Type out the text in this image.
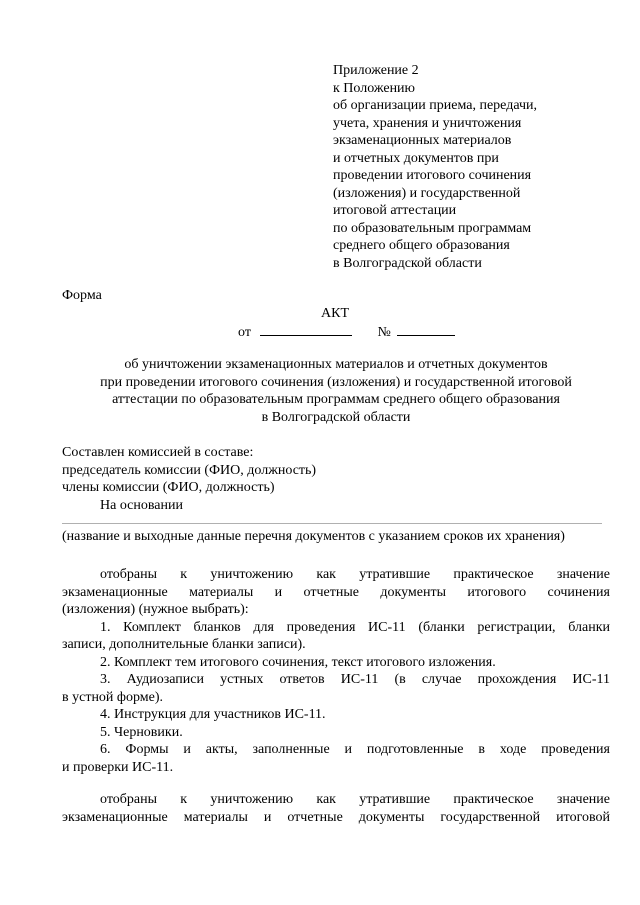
Приложение 2
к Положению
об организации приема, передачи,
учета, хранения и уничтожения
экзаменационных материалов
и отчетных документов при
проведении итогового сочинения
(изложения) и государственной
итоговой аттестации
по образовательным программам
среднего общего образования
в Волгоградской области
Форма
АКТ
от	№
об уничтожении экзаменационных материалов и отчетных документов
при проведении итогового сочинения (изложения) и государственной итоговой
аттестации по образовательным программам среднего общего образования
в Волгоградской области
Составлен комиссией в составе:
председатель комиссии (ФИО, должность)
члены комиссии (ФИО, должность)
На основании
(название и выходные данные перечня документов с указанием сроков их хранения)
отобраны к уничтожению как утратившие практическое значение
экзаменационные материалы и отчетные документы итогового сочинения
(изложения) (нужное выбрать):
1. Комплект бланков для проведения ИС-11 (бланки регистрации, бланки
записи, дополнительные бланки записи).
2. Комплект тем итогового сочинения, текст итогового изложения.
3. Аудиозаписи устных ответов ИС-11 (в случае прохождения ИС-11
в устной форме).
4. Инструкция для участников ИС-11.
5. Черновики.
6. Формы и акты, заполненные и подготовленные в ходе проведения
и проверки ИС-11.
отобраны к уничтожению как утратившие практическое значение
экзаменационные материалы и отчетные документы государственной итоговой
